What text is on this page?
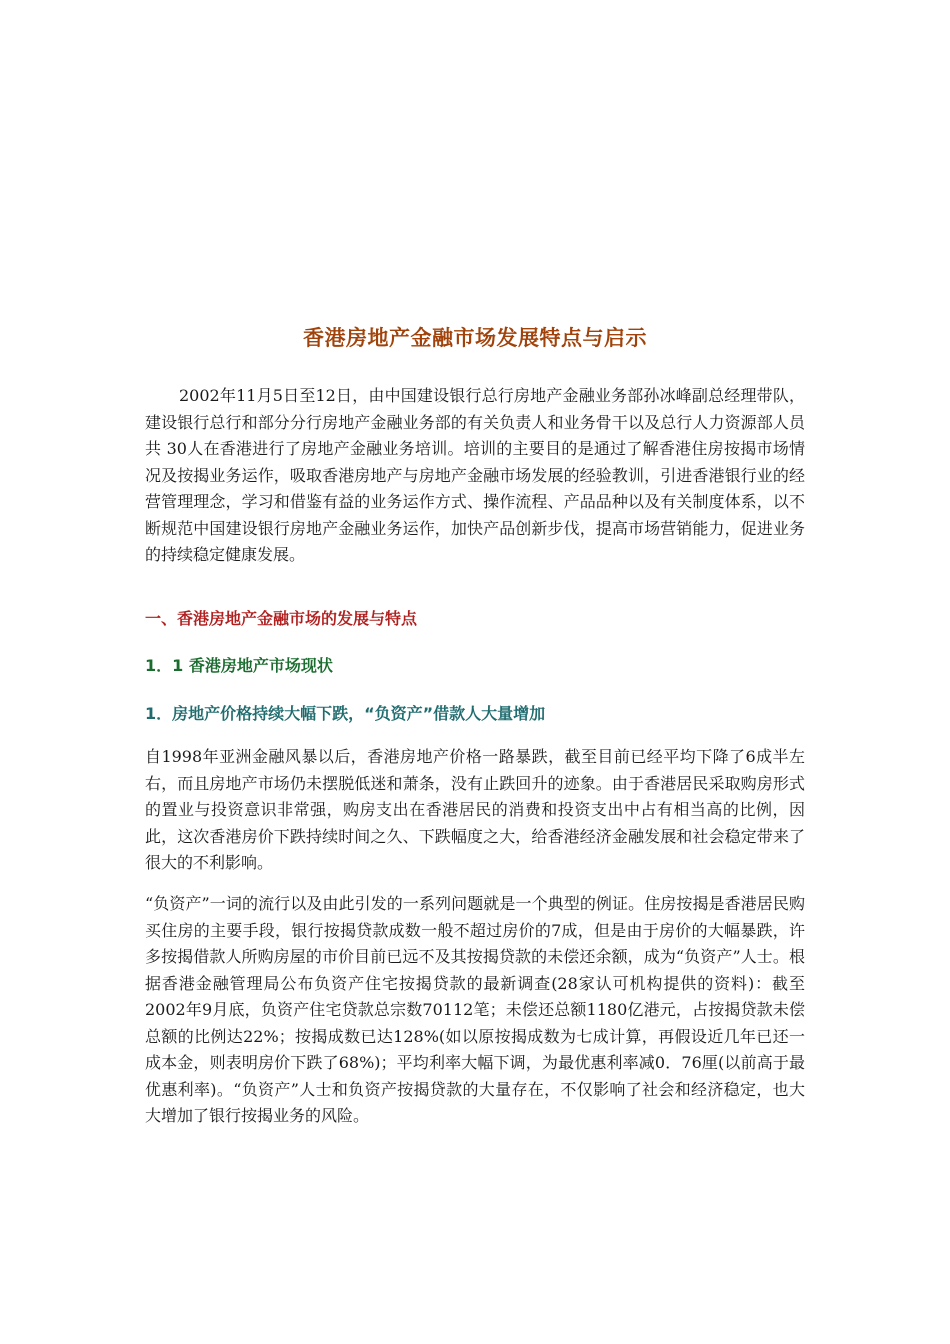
香港房地产金融市场发展特点与启示

2002年11月5日至12日，由中国建设银行总行房地产金融业务部孙冰峰副总经理带队，建设银行总行和部分分行房地产金融业务部的有关负责人和业务骨干以及总行人力资源部人员共 30人在香港进行了房地产金融业务培训。培训的主要目的是通过了解香港住房按揭市场情况及按揭业务运作，吸取香港房地产与房地产金融市场发展的经验教训，引进香港银行业的经营管理理念，学习和借鉴有益的业务运作方式、操作流程、产品品种以及有关制度体系，以不断规范中国建设银行房地产金融业务运作，加快产品创新步伐，提高市场营销能力，促进业务的持续稳定健康发展。

一、香港房地产金融市场的发展与特点
1．1 香港房地产市场现状
1．房地产价格持续大幅下跌，“负资产”借款人大量增加

自1998年亚洲金融风暴以后，香港房地产价格一路暴跌，截至目前已经平均下降了6成半左右，而且房地产市场仍未摆脱低迷和萧条，没有止跌回升的迹象。由于香港居民采取购房形式的置业与投资意识非常强，购房支出在香港居民的消费和投资支出中占有相当高的比例，因此，这次香港房价下跌持续时间之久、下跌幅度之大，给香港经济金融发展和社会稳定带来了很大的不利影响。

“负资产”一词的流行以及由此引发的一系列问题就是一个典型的例证。住房按揭是香港居民购买住房的主要手段，银行按揭贷款成数一般不超过房价的7成，但是由于房价的大幅暴跌，许多按揭借款人所购房屋的市价目前已远不及其按揭贷款的未偿还余额，成为“负资产”人士。根据香港金融管理局公布负资产住宅按揭贷款的最新调查(28家认可机构提供的资料)：截至 2002年9月底，负资产住宅贷款总宗数70112笔；未偿还总额1180亿港元，占按揭贷款未偿总额的比例达22%；按揭成数已达128%(如以原按揭成数为七成计算，再假设近几年已还一成本金，则表明房价下跌了68%)；平均利率大幅下调，为最优惠利率减0．76厘(以前高于最优惠利率)。“负资产”人士和负资产按揭贷款的大量存在，不仅影响了社会和经济稳定，也大大增加了银行按揭业务的风险。
